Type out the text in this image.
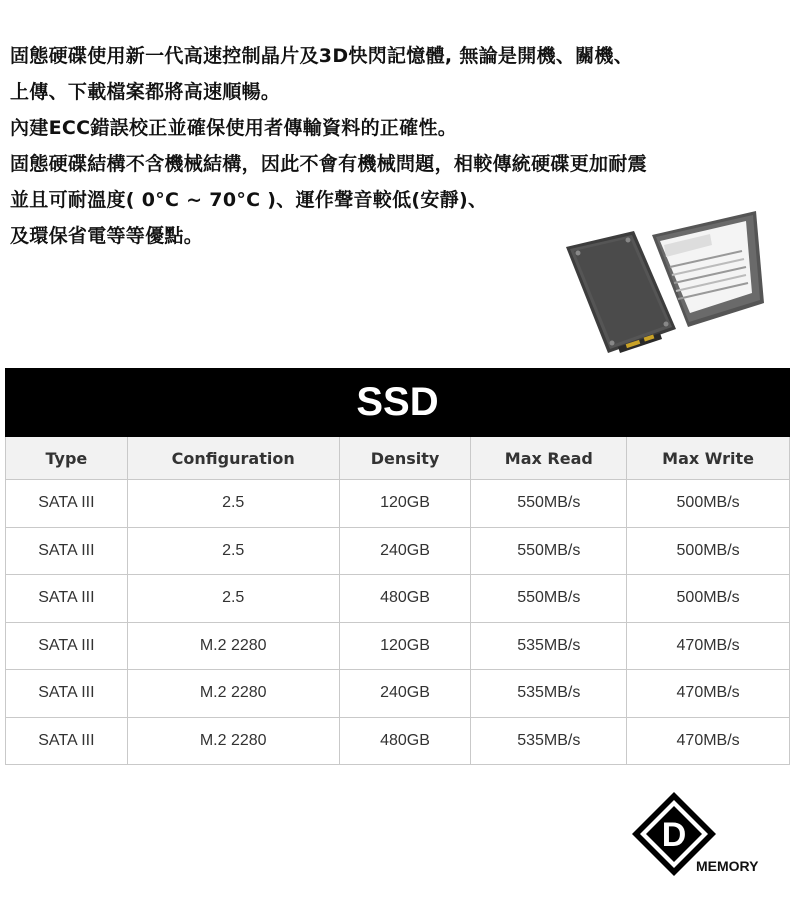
固態硬碟使用新一代高速控制晶片及3D快閃記憶體, 無論是開機、關機、
上傳、下載檔案都將高速順暢。
內建ECC錯誤校正並確保使用者傳輸資料的正確性。
固態硬碟結構不含機械結構，因此不會有機械問題，相較傳統硬碟更加耐震
並且可耐溫度( 0°C ~ 70°C )、運作聲音較低(安靜)、
及環保省電等等優點。
SSD				
Type	Configuration	Density	Max Read	Max Write
SATA III	2.5	120GB	550MB/s	500MB/s
SATA III	2.5	240GB	550MB/s	500MB/s
SATA III	2.5	480GB	550MB/s	500MB/s
SATA III	M.2 2280	120GB	535MB/s	470MB/s
SATA III	M.2 2280	240GB	535MB/s	470MB/s
SATA III	M.2 2280	480GB	535MB/s	470MB/s
D
MEMORY
